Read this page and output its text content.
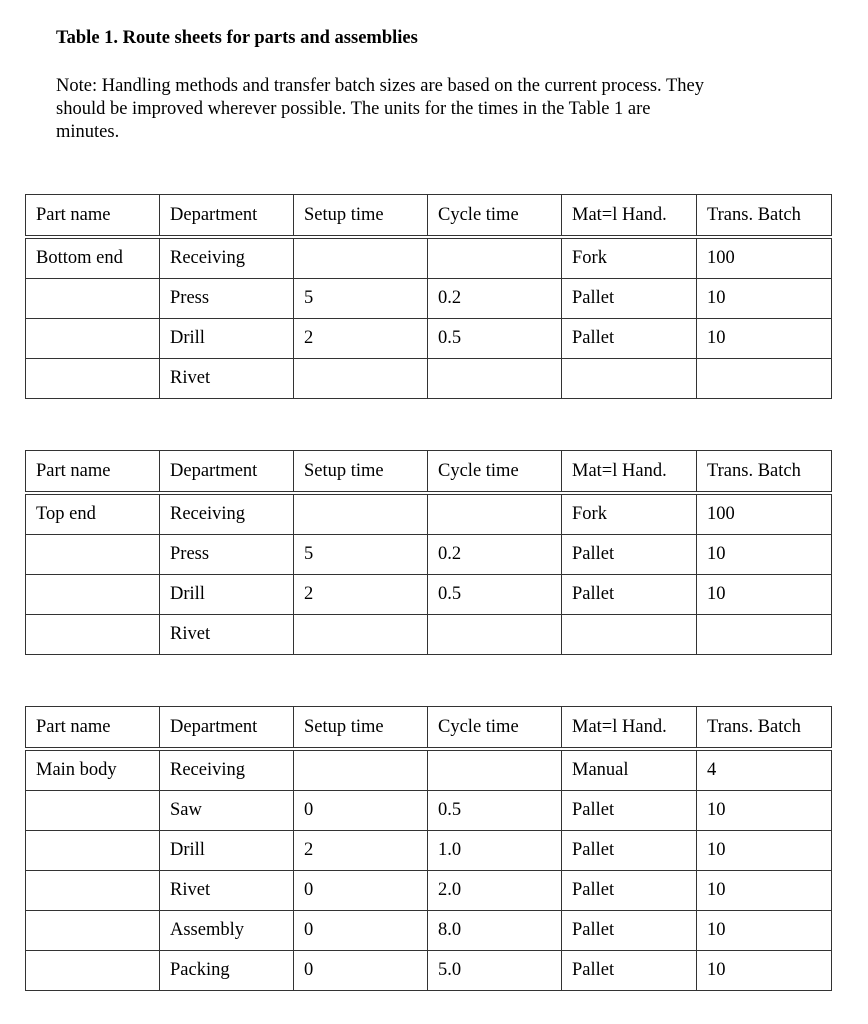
Table 1. Route sheets for parts and assemblies
Note: Handling methods and transfer batch sizes are based on the current process. They
should be improved wherever possible. The units for the times in the Table 1 are
minutes.
Part name	Department	Setup time	Cycle time	Mat=l Hand.	Trans. Batch
Bottom end	Receiving			Fork	100
	Press	5	0.2	Pallet	10
	Drill	2	0.5	Pallet	10
	Rivet				
Part name	Department	Setup time	Cycle time	Mat=l Hand.	Trans. Batch
Top end	Receiving			Fork	100
	Press	5	0.2	Pallet	10
	Drill	2	0.5	Pallet	10
	Rivet				
Part name	Department	Setup time	Cycle time	Mat=l Hand.	Trans. Batch
Main body	Receiving			Manual	4
	Saw	0	0.5	Pallet	10
	Drill	2	1.0	Pallet	10
	Rivet	0	2.0	Pallet	10
	Assembly	0	8.0	Pallet	10
	Packing	0	5.0	Pallet	10
